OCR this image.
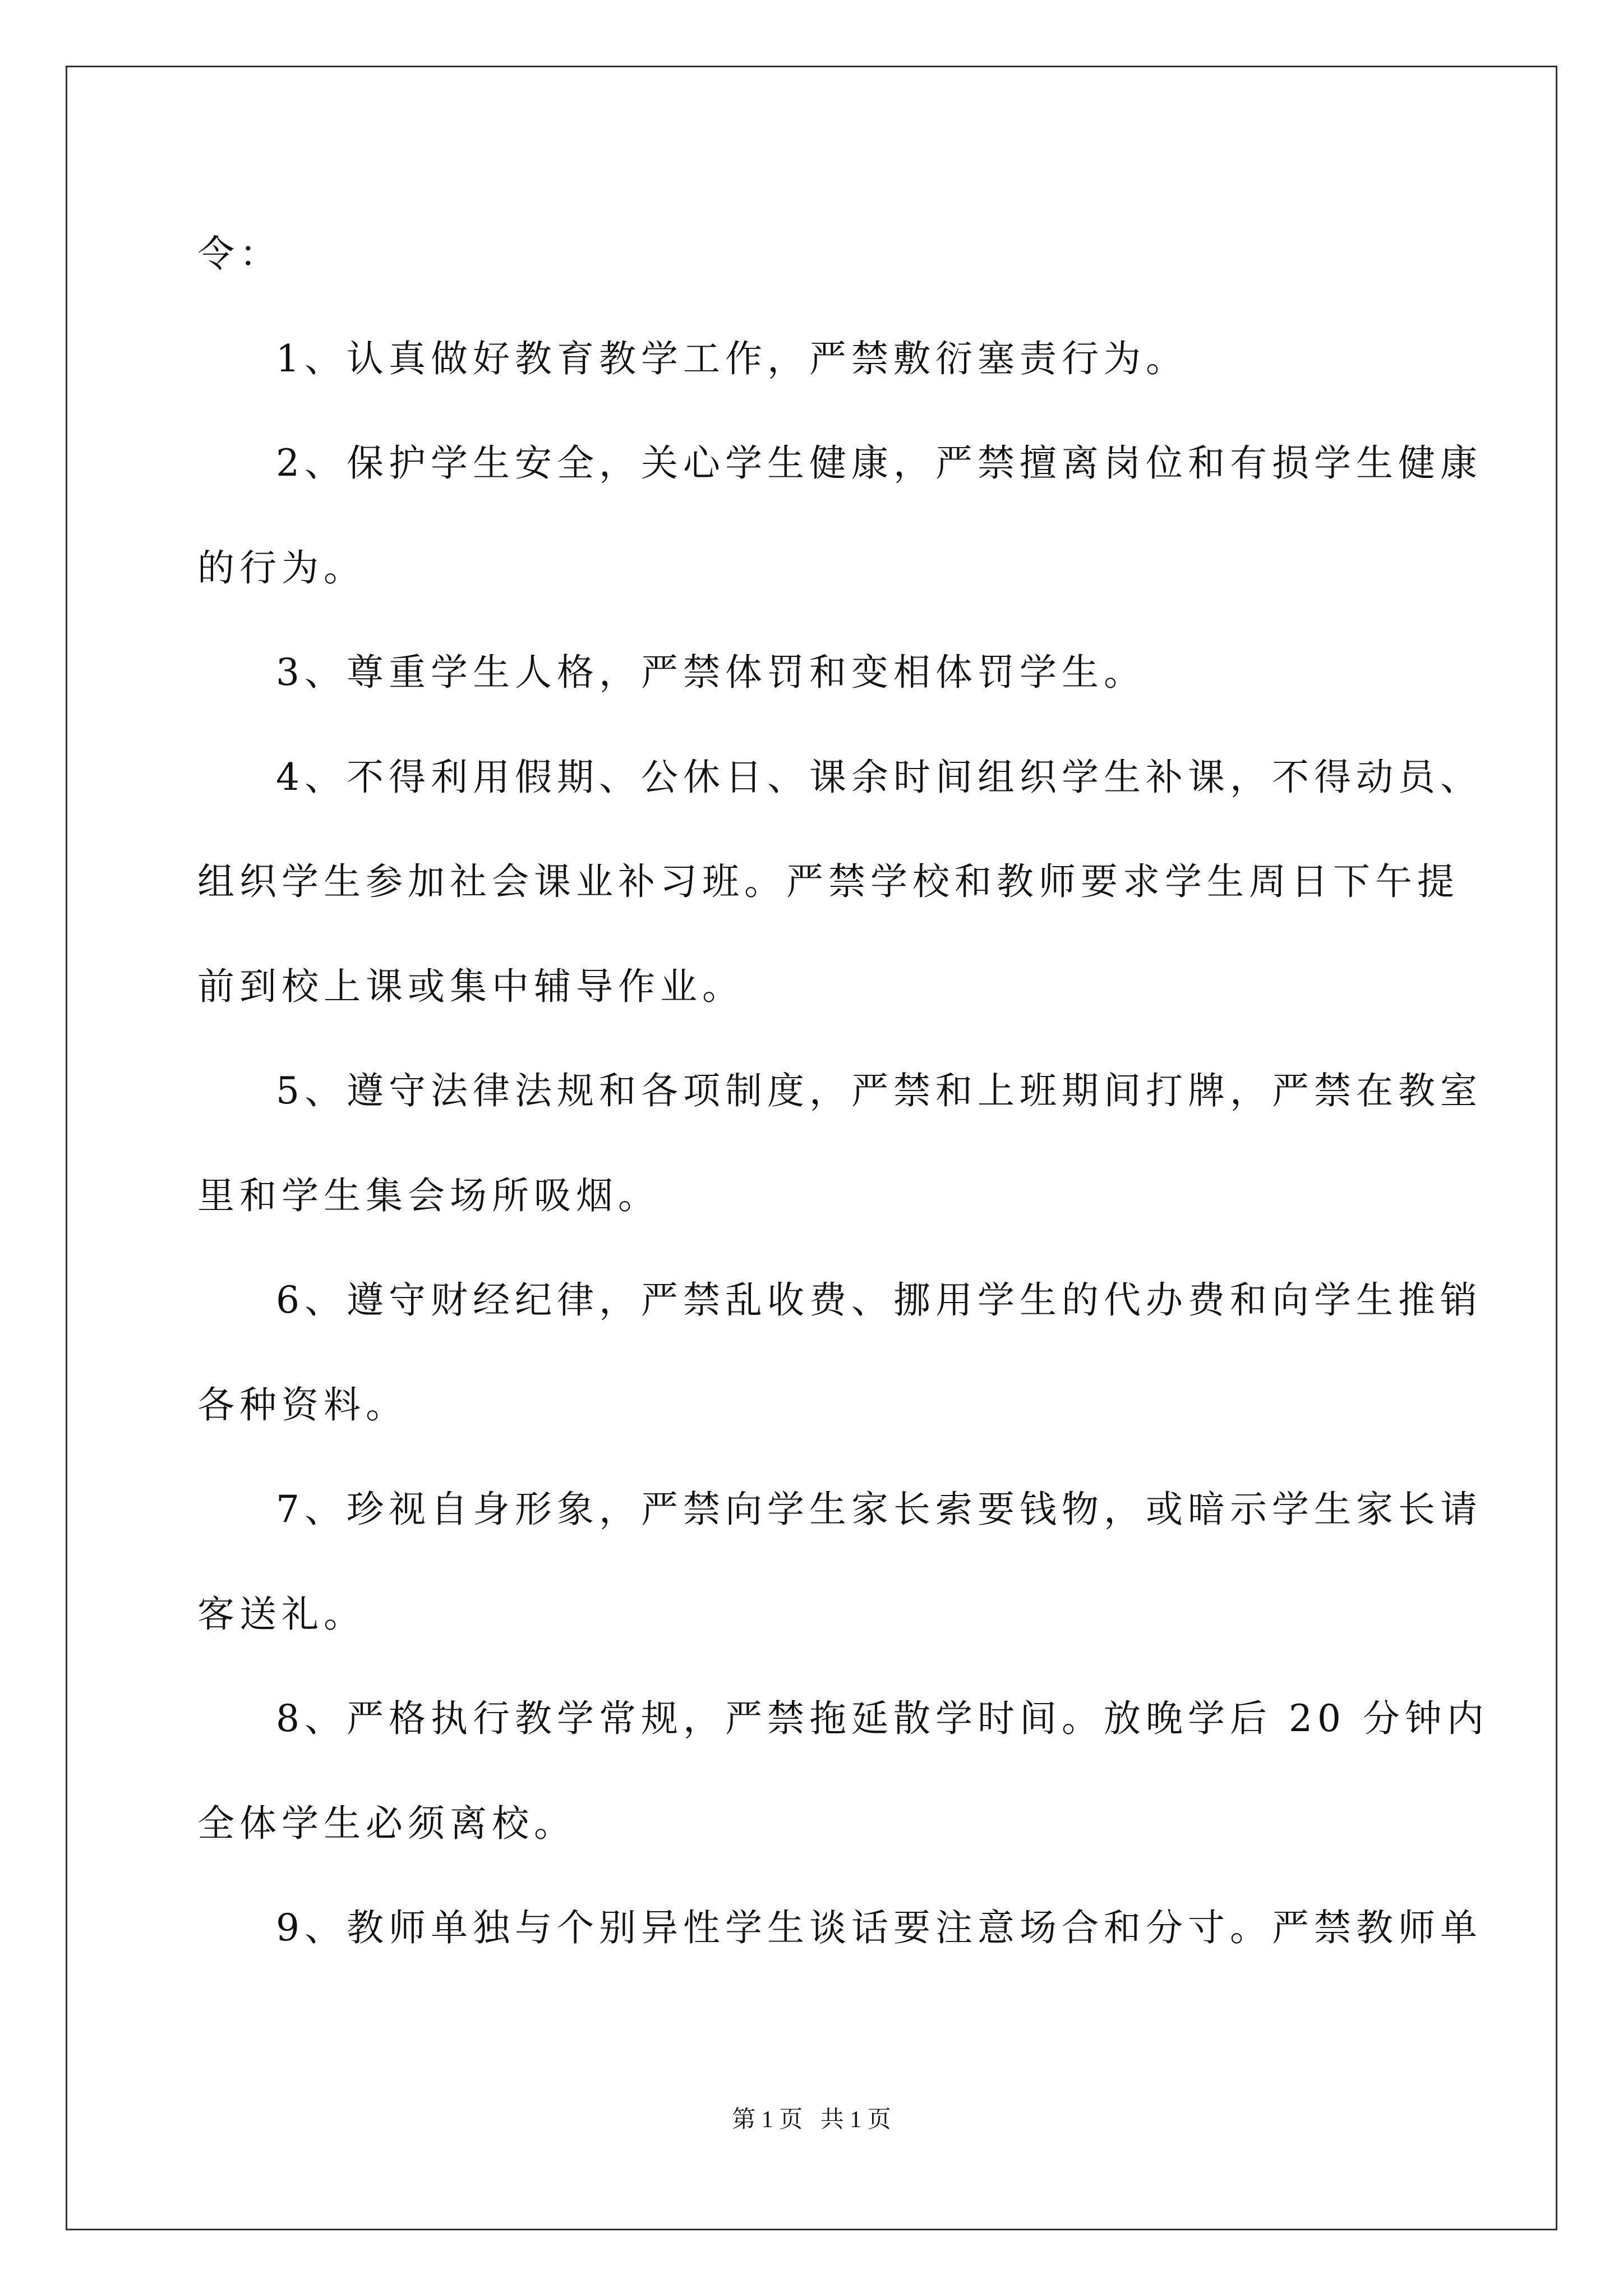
令：
1、认真做好教育教学工作，严禁敷衍塞责行为。
2、保护学生安全，关心学生健康，严禁擅离岗位和有损学生健康
的行为。
3、尊重学生人格，严禁体罚和变相体罚学生。
4、不得利用假期、公休日、课余时间组织学生补课，不得动员、
组织学生参加社会课业补习班。严禁学校和教师要求学生周日下午提
前到校上课或集中辅导作业。
5、遵守法律法规和各项制度，严禁和上班期间打牌，严禁在教室
里和学生集会场所吸烟。
6、遵守财经纪律，严禁乱收费、挪用学生的代办费和向学生推销
各种资料。
7、珍视自身形象，严禁向学生家长索要钱物，或暗示学生家长请
客送礼。
8、严格执行教学常规，严禁拖延散学时间。放晚学后 20 分钟内
全体学生必须离校。
9、教师单独与个别异性学生谈话要注意场合和分寸。严禁教师单
第 1 页   共 1 页
